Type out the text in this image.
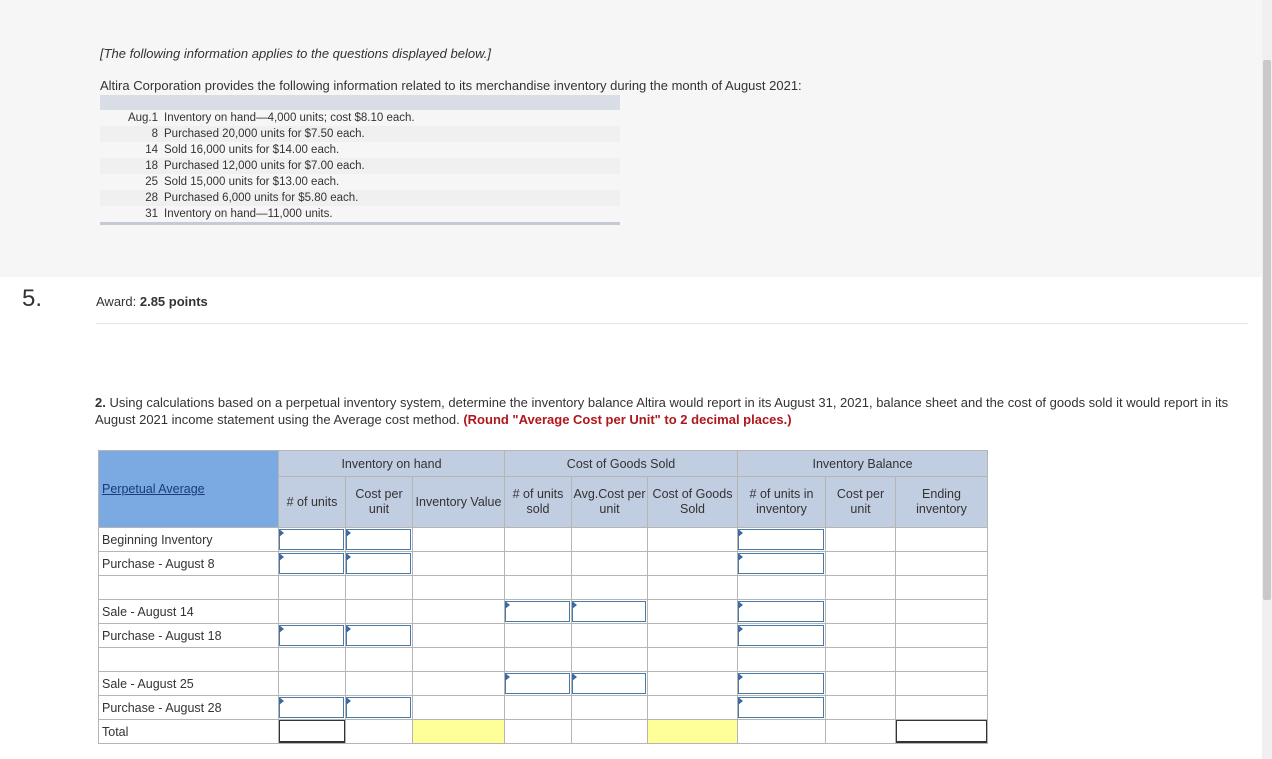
[The following information applies to the questions displayed below.]
Altira Corporation provides the following information related to its merchandise inventory during the month of August 2021:

Aug.1	Inventory on hand—4,000 units; cost $8.10 each.
8	Purchased 20,000 units for $7.50 each.
14	Sold 16,000 units for $14.00 each.
18	Purchased 12,000 units for $7.00 each.
25	Sold 15,000 units for $13.00 each.
28	Purchased 6,000 units for $5.80 each.
31	Inventory on hand—11,000 units.

5.	Award: 2.85 points
2. Using calculations based on a perpetual inventory system, determine the inventory balance Altira would report in its August 31, 2021, balance sheet and the cost of goods sold it would report in its August 2021 income statement using the Average cost method. (Round "Average Cost per Unit" to 2 decimal places.)
Perpetual Average	Inventory on hand			Cost of Goods Sold			Inventory Balance		
	# of units	Cost per unit	Inventory Value	# of units sold	Avg.Cost per unit	Cost of Goods Sold	# of units in inventory	Cost per unit	Ending inventory
Beginning Inventory	

Purchase - August 8	

Sale - August 14				

Purchase - August 18	

Sale - August 25				

Purchase - August 28	

Total	
